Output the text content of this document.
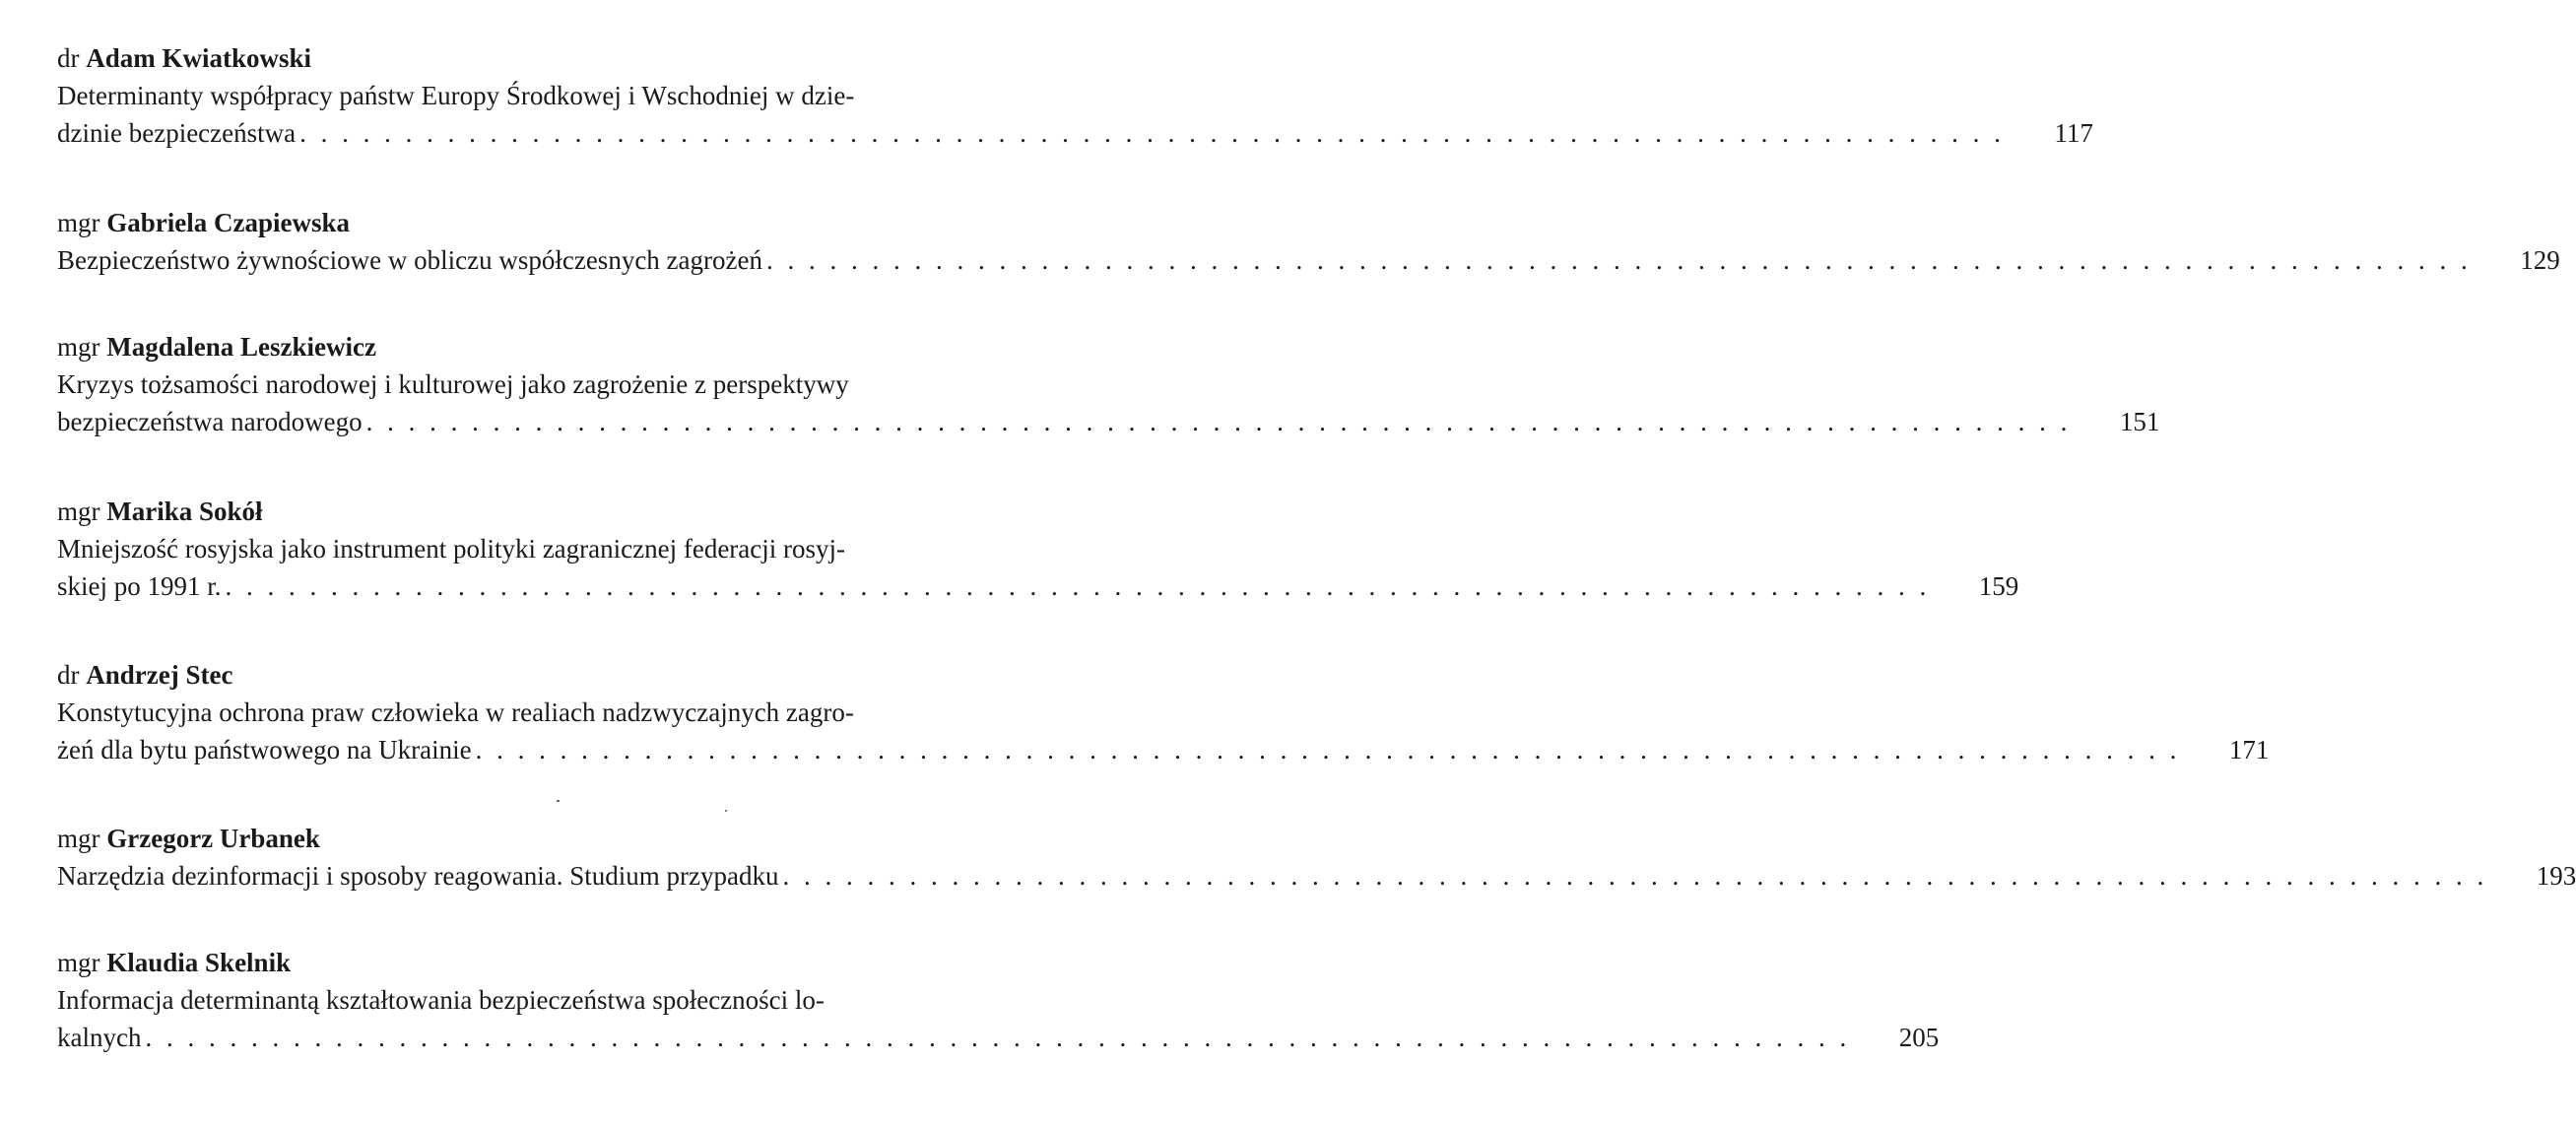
dr Adam Kwiatkowski
Determinanty współpracy państw Europy Środkowej i Wschodniej w dzie-
dzinie bezpieczeństwa . . . . . . . . . . . . . . . . . . . . . . . . . . . . . . . . . . . . . . . . . . . . . . . . . . . . . . . . . . . . . . . . . . . . . . . . . . . . . . . . .	117
mgr Gabriela Czapiewska
Bezpieczeństwo żywnościowe w obliczu współczesnych zagrożeń . . . . . . . . . . . . . . . . . . . . . . . . . . . . . . . . . . . . . . . . . . . . . . . . . . . . . . . . . . . . . . . . . . . . . . . . . . . . . . . . .	129
mgr Magdalena Leszkiewicz
Kryzys tożsamości narodowej i kulturowej jako zagrożenie z perspektywy
bezpieczeństwa narodowego . . . . . . . . . . . . . . . . . . . . . . . . . . . . . . . . . . . . . . . . . . . . . . . . . . . . . . . . . . . . . . . . . . . . . . . . . . . . . . . . .	151
mgr Marika Sokół
Mniejszość rosyjska jako instrument polityki zagranicznej federacji rosyj-
skiej po 1991 r. . . . . . . . . . . . . . . . . . . . . . . . . . . . . . . . . . . . . . . . . . . . . . . . . . . . . . . . . . . . . . . . . . . . . . . . . . . . . . . . . .	159
dr Andrzej Stec
Konstytucyjna ochrona praw człowieka w realiach nadzwyczajnych zagro-
żeń dla bytu państwowego na Ukrainie . . . . . . . . . . . . . . . . . . . . . . . . . . . . . . . . . . . . . . . . . . . . . . . . . . . . . . . . . . . . . . . . . . . . . . . . . . . . . . . . .	171
mgr Grzegorz Urbanek
Narzędzia dezinformacji i sposoby reagowania. Studium przypadku . . . . . . . . . . . . . . . . . . . . . . . . . . . . . . . . . . . . . . . . . . . . . . . . . . . . . . . . . . . . . . . . . . . . . . . . . . . . . . . . .	193
mgr Klaudia Skelnik
Informacja determinantą kształtowania bezpieczeństwa społeczności lo-
kalnych . . . . . . . . . . . . . . . . . . . . . . . . . . . . . . . . . . . . . . . . . . . . . . . . . . . . . . . . . . . . . . . . . . . . . . . . . . . . . . . . .	205
